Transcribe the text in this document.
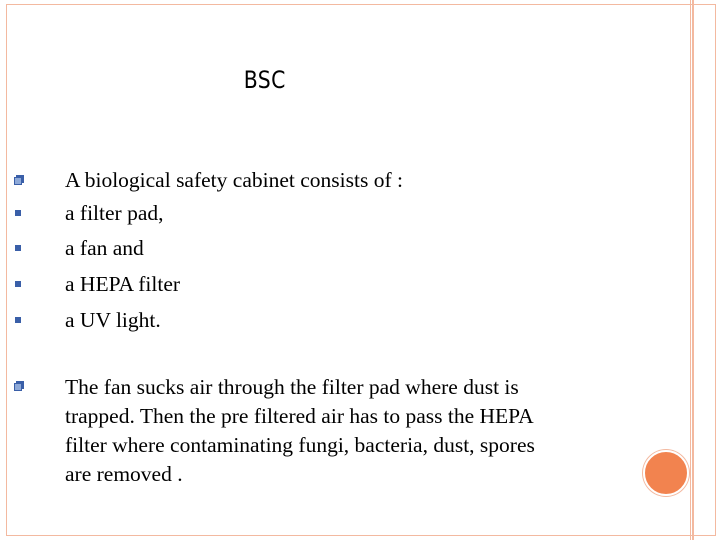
BSC
A biological safety cabinet consists of :
a filter pad,
a fan and
a HEPA filter
a UV light.
The fan sucks air through the filter pad where dust is
trapped. Then the pre filtered air has to pass the HEPA
filter where contaminating fungi, bacteria, dust, spores
are removed .
